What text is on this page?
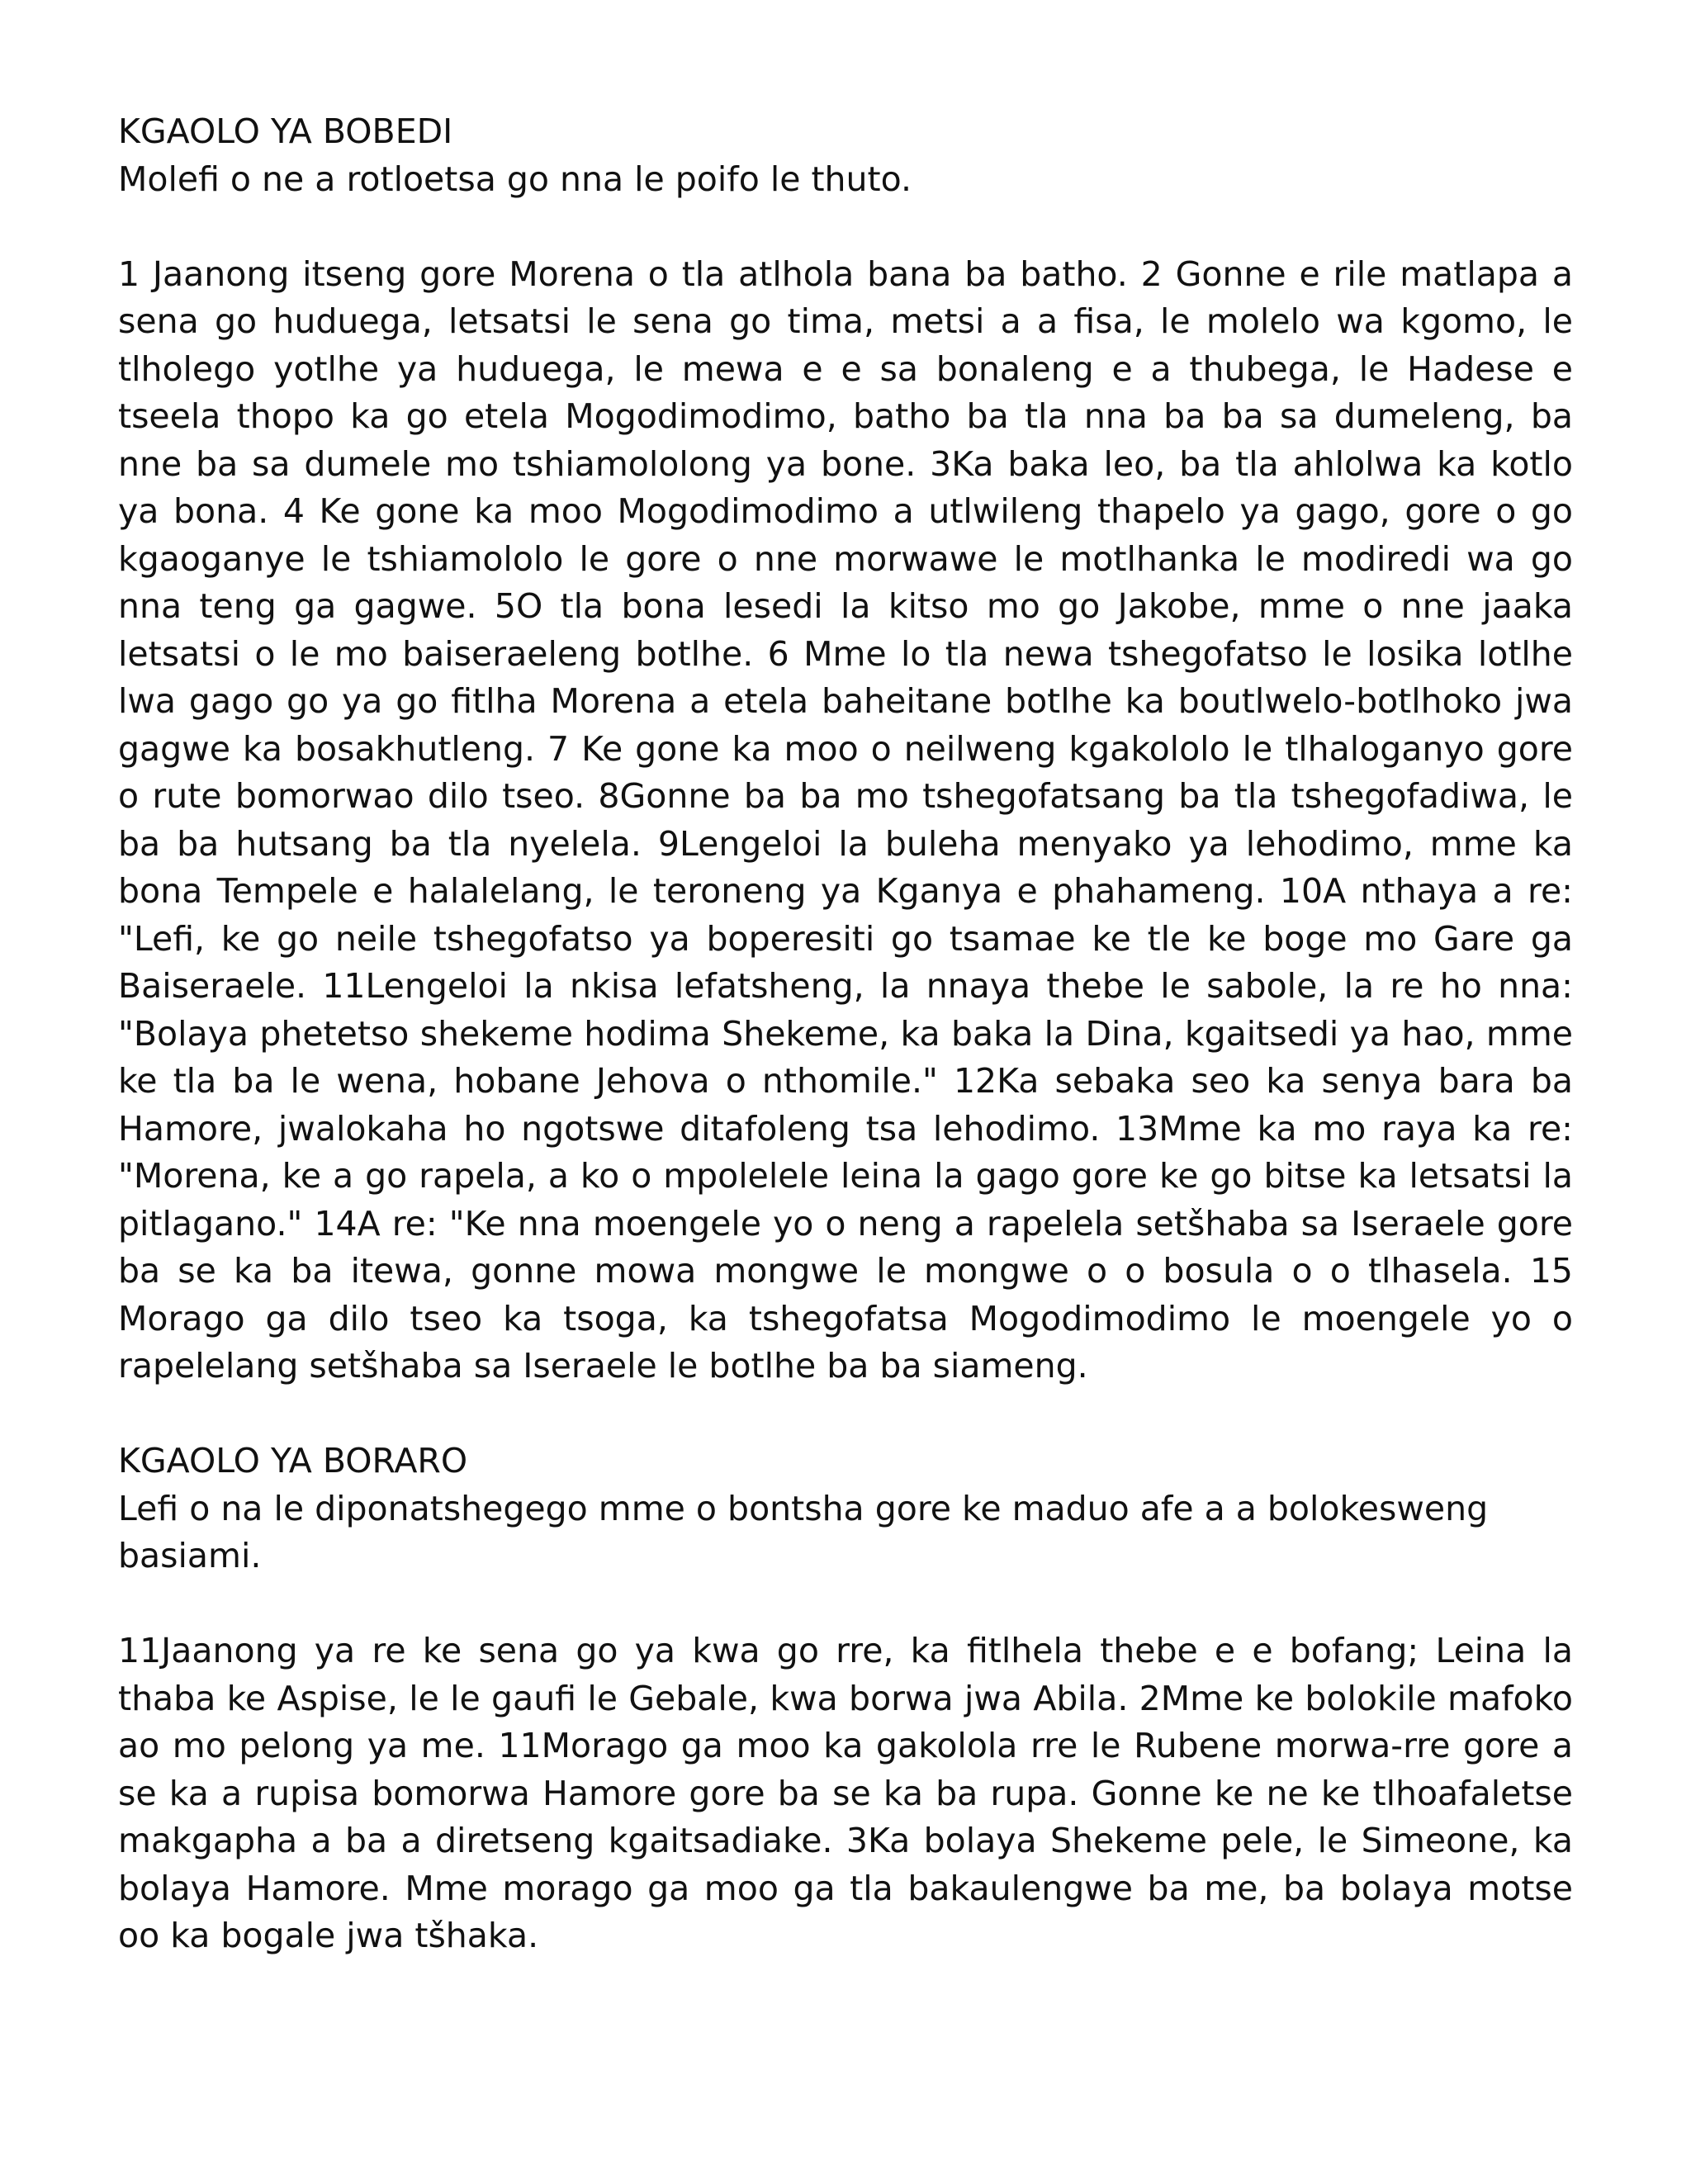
KGAOLO YA BOBEDI

Molefi o ne a rotloetsa go nna le poifo le thuto.

1 Jaanong itseng gore Morena o tla atlhola bana ba batho. 2 Gonne e rile matlapa a sena go huduega, letsatsi le sena go tima, metsi a a fisa, le molelo wa kgomo, le tlholego yotlhe ya huduega, le mewa e e sa bonaleng e a thubega, le Hadese e tseela thopo ka go etela Mogodimodimo, batho ba tla nna ba ba sa dumeleng, ba nne ba sa dumele mo tshiamololong ya bone. 3Ka baka leo, ba tla ahlolwa ka kotlo ya bona. 4 Ke gone ka moo Mogodimodimo a utlwileng thapelo ya gago, gore o go kgaoganye le tshiamololo le gore o nne morwawe le motlhanka le modiredi wa go nna teng ga gagwe. 5O tla bona lesedi la kitso mo go Jakobe, mme o nne jaaka letsatsi o le mo baiseraeleng botlhe. 6 Mme lo tla newa tshegofatso le losika lotlhe lwa gago go ya go fitlha Morena a etela baheitane botlhe ka boutlwelo-botlhoko jwa gagwe ka bosakhutleng. 7 Ke gone ka moo o neilweng kgakololo le tlhaloganyo gore o rute bomorwao dilo tseo. 8Gonne ba ba mo tshegofatsang ba tla tshegofadiwa, le ba ba hutsang ba tla nyelela. 9Lengeloi la buleha menyako ya lehodimo, mme ka bona Tempele e halalelang, le teroneng ya Kganya e phahameng. 10A nthaya a re: "Lefi, ke go neile tshegofatso ya boperesiti go tsamae ke tle ke boge mo Gare ga Baiseraele. 11Lengeloi la nkisa lefatsheng, la nnaya thebe le sabole, la re ho nna: "Bolaya phetetso shekeme hodima Shekeme, ka baka la Dina, kgaitsedi ya hao, mme ke tla ba le wena, hobane Jehova o nthomile." 12Ka sebaka seo ka senya bara ba Hamore, jwalokaha ho ngotswe ditafoleng tsa lehodimo. 13Mme ka mo raya ka re: "Morena, ke a go rapela, a ko o mpolelele leina la gago gore ke go bitse ka letsatsi la pitlagano." 14A re: "Ke nna moengele yo o neng a rapelela setšhaba sa Iseraele gore ba se ka ba itewa, gonne mowa mongwe le mongwe o o bosula o o tlhasela. 15 Morago ga dilo tseo ka tsoga, ka tshegofatsa Mogodimodimo le moengele yo o rapelelang setšhaba sa Iseraele le botlhe ba ba siameng.

KGAOLO YA BORARO

Lefi o na le diponatshegego mme o bontsha gore ke maduo afe a a bolokesweng basiami.

11Jaanong ya re ke sena go ya kwa go rre, ka fitlhela thebe e e bofang; Leina la thaba ke Aspise, le le gaufi le Gebale, kwa borwa jwa Abila. 2Mme ke bolokile mafoko ao mo pelong ya me. 11Morago ga moo ka gakolola rre le Rubene morwa-rre gore a se ka a rupisa bomorwa Hamore gore ba se ka ba rupa. Gonne ke ne ke tlhoafaletse makgapha a ba a diretseng kgaitsadiake. 3Ka bolaya Shekeme pele, le Simeone, ka bolaya Hamore. Mme morago ga moo ga tla bakaulengwe ba me, ba bolaya motse oo ka bogale jwa tšhaka.
